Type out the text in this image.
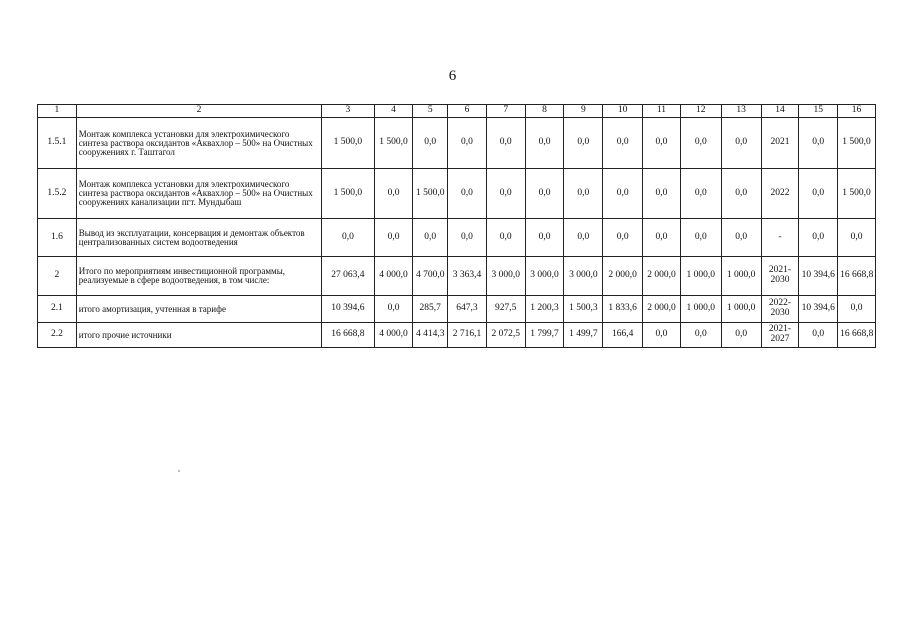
6
1	2	3	4	5	6	7	8	9	10	11	12	13	14	15	16
1.5.1	Монтаж комплекса установки для электрохимического синтеза раствора оксидантов «Аквахлор – 500» на Очистных сооружениях г. Таштагол	1 500,0	1 500,0	0,0	0,0	0,0	0,0	0,0	0,0	0,0	0,0	0,0	2021	0,0	1 500,0
1.5.2	Монтаж комплекса установки для электрохимического синтеза раствора оксидантов «Аквахлор – 500» на Очистных сооружениях канализации пгт. Мундыбаш	1 500,0	0,0	1 500,0	0,0	0,0	0,0	0,0	0,0	0,0	0,0	0,0	2022	0,0	1 500,0
1.6	Вывод из эксплуатации, консервация и демонтаж объектов централизованных систем водоотведения	0,0	0,0	0,0	0,0	0,0	0,0	0,0	0,0	0,0	0,0	0,0	-	0,0	0,0
2	Итого по мероприятиям инвестиционной программы, реализуемые в сфере водоотведения, в том числе:	27 063,4	4 000,0	4 700,0	3 363,4	3 000,0	3 000,0	3 000,0	2 000,0	2 000,0	1 000,0	1 000,0	2021-2030	10 394,6	16 668,8
2.1	итого амортизация, учтенная в тарифе	10 394,6	0,0	285,7	647,3	927,5	1 200,3	1 500,3	1 833,6	2 000,0	1 000,0	1 000,0	2022-2030	10 394,6	0,0
2.2	итого прочие источники	16 668,8	4 000,0	4 414,3	2 716,1	2 072,5	1 799,7	1 499,7	166,4	0,0	0,0	0,0	2021-2027	0,0	16 668,8
